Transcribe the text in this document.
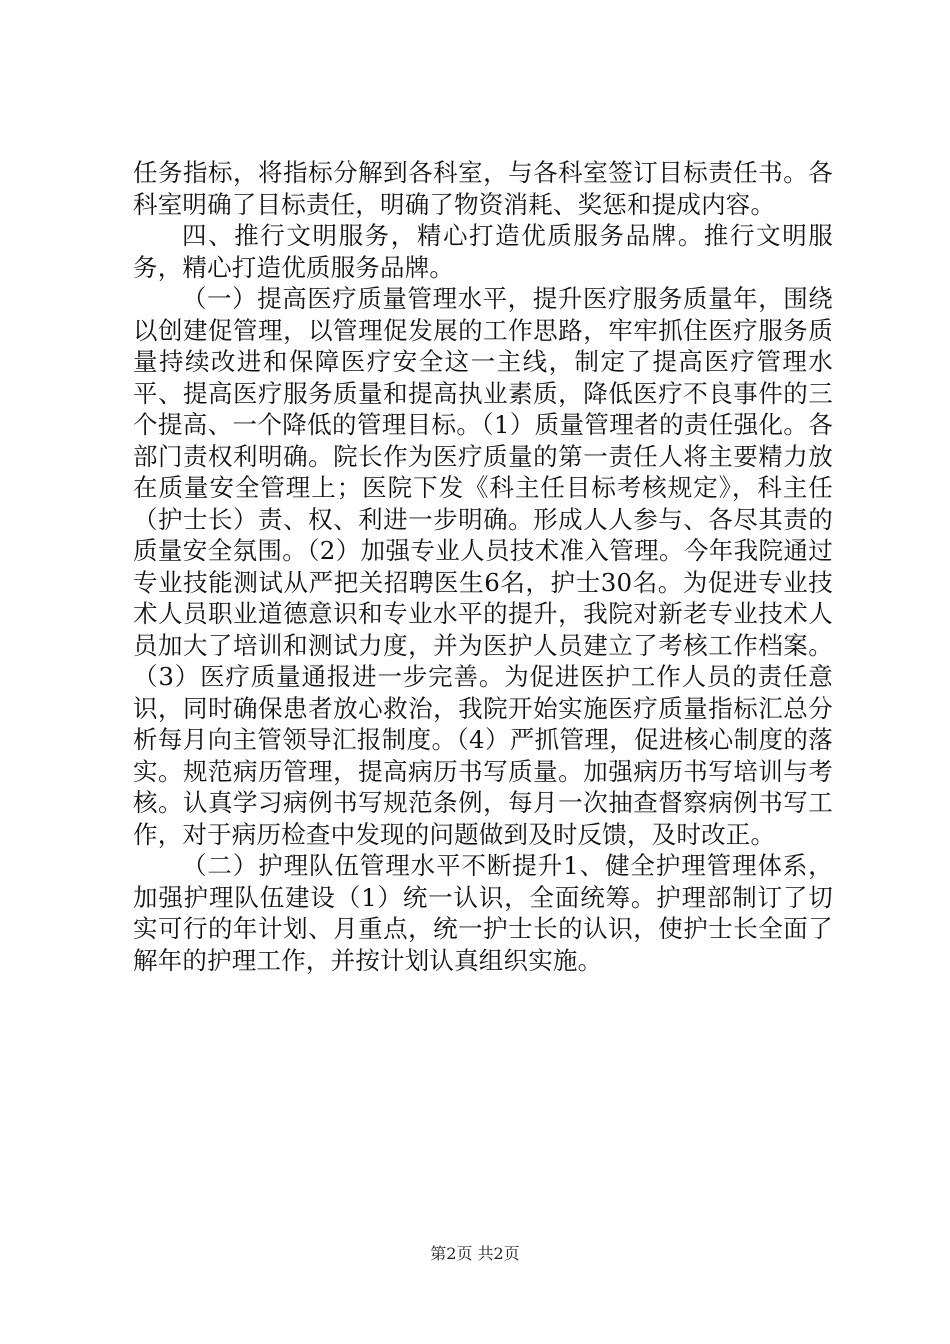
任务指标，将指标分解到各科室，与各科室签订目标责任书。各科室明确了目标责任，明确了物资消耗、奖惩和提成内容。

四、推行文明服务，精心打造优质服务品牌。推行文明服务，精心打造优质服务品牌。

（一）提高医疗质量管理水平，提升医疗服务质量年，围绕以创建促管理，以管理促发展的工作思路，牢牢抓住医疗服务质量持续改进和保障医疗安全这一主线，制定了提高医疗管理水平、提高医疗服务质量和提高执业素质，降低医疗不良事件的三个提高、一个降低的管理目标。（1）质量管理者的责任强化。各部门责权利明确。院长作为医疗质量的第一责任人将主要精力放在质量安全管理上；医院下发《科主任目标考核规定》，科主任（护士长）责、权、利进一步明确。形成人人参与、各尽其责的质量安全氛围。（2）加强专业人员技术准入管理。今年我院通过专业技能测试从严把关招聘医生6名，护士30名。为促进专业技术人员职业道德意识和专业水平的提升，我院对新老专业技术人员加大了培训和测试力度，并为医护人员建立了考核工作档案。（3）医疗质量通报进一步完善。为促进医护工作人员的责任意识，同时确保患者放心救治，我院开始实施医疗质量指标汇总分析每月向主管领导汇报制度。（4）严抓管理，促进核心制度的落实。规范病历管理，提高病历书写质量。加强病历书写培训与考核。认真学习病例书写规范条例，每月一次抽查督察病例书写工作，对于病历检查中发现的问题做到及时反馈，及时改正。

（二）护理队伍管理水平不断提升1、健全护理管理体系，加强护理队伍建设（1）统一认识，全面统筹。护理部制订了切实可行的年计划、月重点，统一护士长的认识，使护士长全面了解年的护理工作，并按计划认真组织实施。

第2页 共2页
